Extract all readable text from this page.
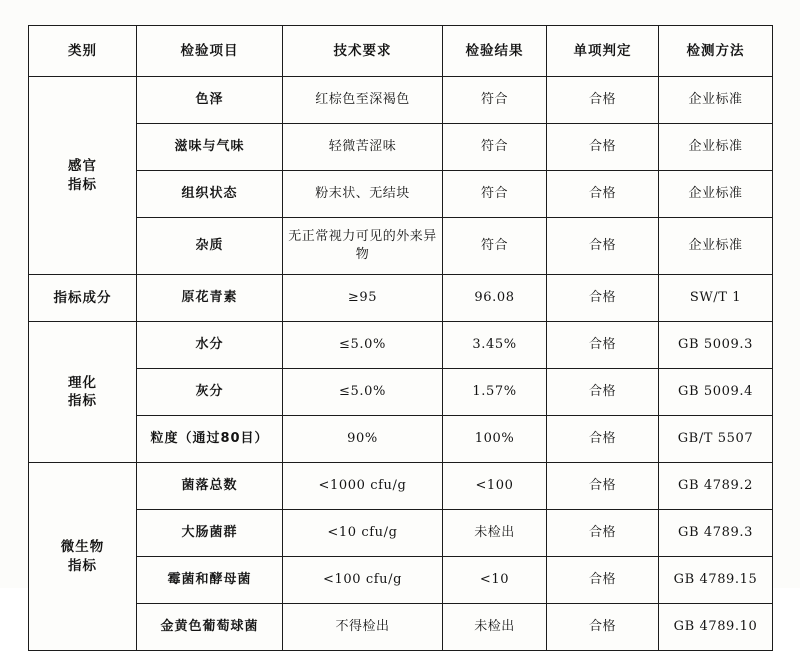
类别	检验项目	技术要求	检验结果	单项判定	检测方法

感官
指标	色泽	红棕色至深褐色	符合	合格	企业标准
	滋味与气味	轻微苦涩味	符合	合格	企业标准
	组织状态	粉末状、无结块	符合	合格	企业标准
	杂质	无正常视力可见的外来异物	符合	合格	企业标准
指标成分	原花青素	≥95	96.08	合格	SW/T 1

理化
指标	水分	≤5.0%	3.45%	合格	GB 5009.3
	灰分	≤5.0%	1.57%	合格	GB 5009.4
	粒度（通过80目）	90%	100%	合格	GB/T 5507

微生物
指标	菌落总数	<1000 cfu/g	<100	合格	GB 4789.2
	大肠菌群	<10 cfu/g	未检出	合格	GB 4789.3
	霉菌和酵母菌	<100 cfu/g	<10	合格	GB 4789.15
	金黄色葡萄球菌	不得检出	未检出	合格	GB 4789.10
